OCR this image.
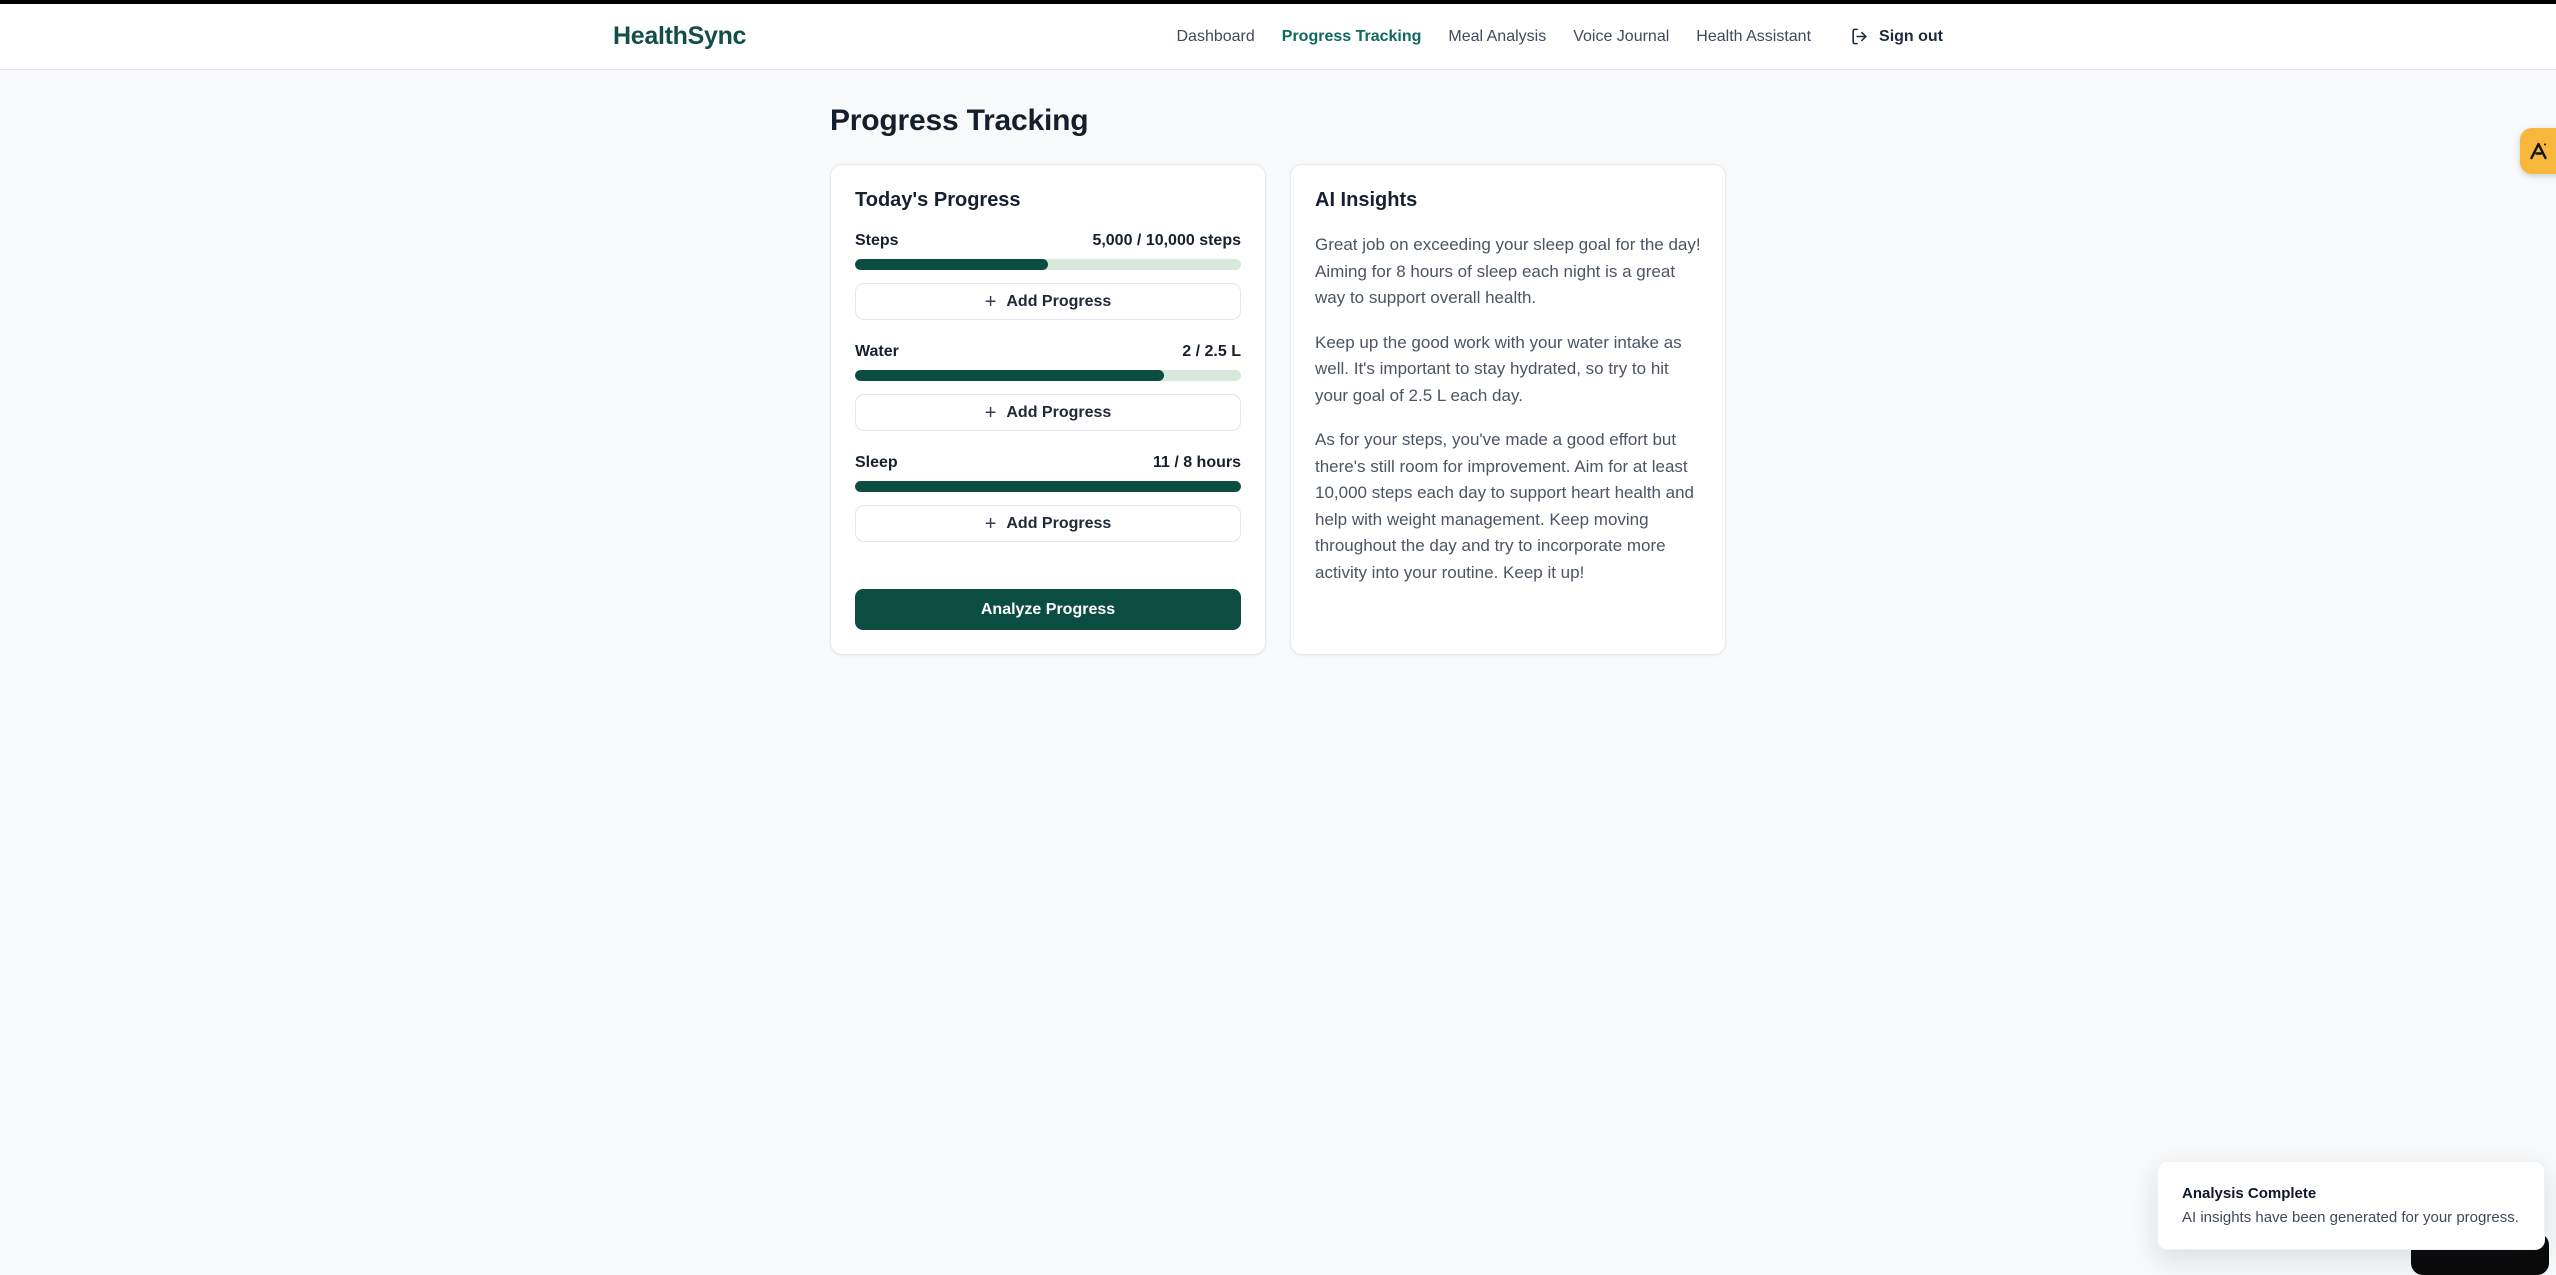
HealthSync	Dashboard Progress Tracking Meal Analysis Voice Journal Health Assistant	Sign out
Progress Tracking
Today's Progress
Steps	5,000 / 10,000 steps
+ Add Progress
Water	2 / 2.5 L
+ Add Progress
Sleep	11 / 8 hours
+ Add Progress
Analyze Progress
AI Insights

Great job on exceeding your sleep goal for the day! Aiming for 8 hours of sleep each night is a great way to support overall health.

Keep up the good work with your water intake as well. It's important to stay hydrated, so try to hit your goal of 2.5 L each day.

As for your steps, you've made a good effort but there's still room for improvement. Aim for at least 10,000 steps each day to support heart health and help with weight management. Keep moving throughout the day and try to incorporate more activity into your routine. Keep it up!

Analysis Complete
AI insights have been generated for your progress.
